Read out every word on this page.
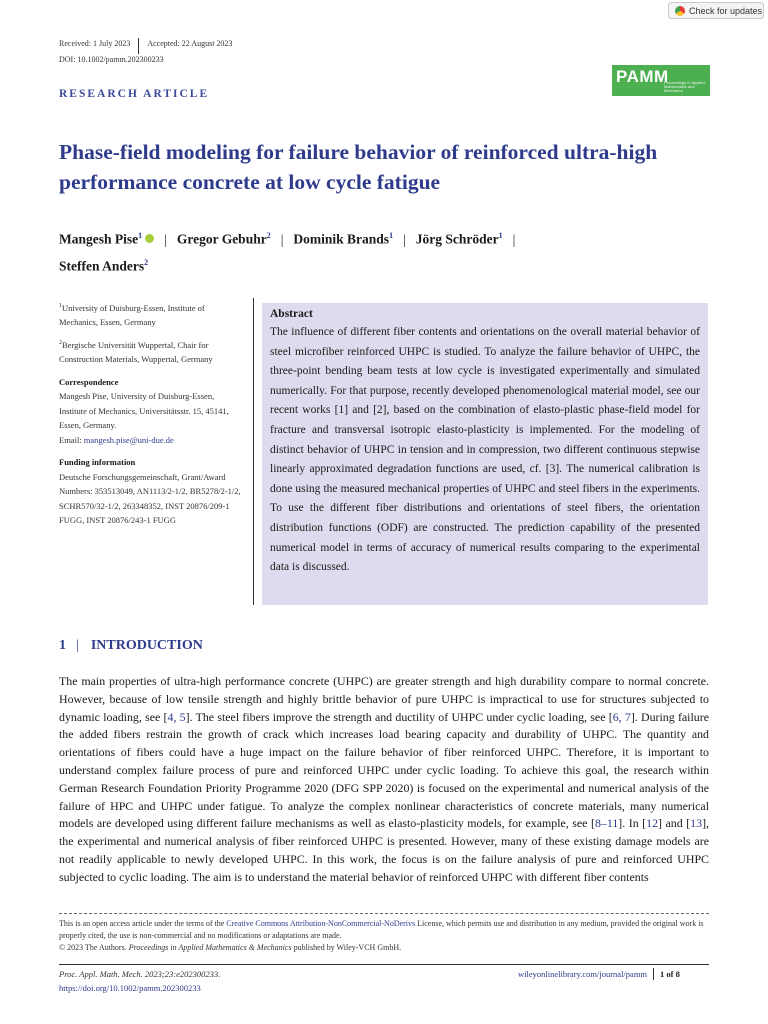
Check for updates
Received: 1 July 2023 Accepted: 22 August 2023
DOI: 10.1002/pamm.202300233
PAMM
Proceedings in Applied Mathematics and Mechanics
RESEARCH ARTICLE
Phase-field modeling for failure behavior of reinforced ultra-high performance concrete at low cycle fatigue
Mangesh Pise$^1$ | Gregor Gebuhr$^2$ | Dominik Brands$^1$ | Jörg Schröder$^1$ |
Steffen Anders$^2$

$^1$University of Duisburg-Essen, Institute of Mechanics, Essen, Germany

$^2$Bergische Universität Wuppertal, Chair for Construction Materials, Wuppertal, Germany

Correspondence

Mangesh Pise, University of Duisburg-Essen, Institute of Mechanics, Universitätsstr. 15, 45141, Essen, Germany.
Email: mangesh.pise@uni-due.de

Funding information

Deutsche Forschungsgemeinschaft, Grant/Award Numbers: 353513049, AN1113/2-1/2, BR5278/2-1/2, SCHR570/32-1/2, 263348352, INST 20876/209-1 FUGG, INST 20876/243-1 FUGG

Abstract

The influence of different fiber contents and orientations on the overall material behavior of steel microfiber reinforced UHPC is studied. To analyze the failure behavior of UHPC, the three-point bending beam tests at low cycle is investigated experimentally and simulated numerically. For that purpose, recently developed phenomenological material model, see our recent works [1] and [2], based on the combination of elasto-plastic phase-field model for fracture and transversal isotropic elasto-plasticity is implemented. For the modeling of distinct behavior of UHPC in tension and in compression, two different continuous stepwise linearly approximated degradation functions are used, cf. [3]. The numerical calibration is done using the measured mechanical properties of UHPC and steel fibers in the experiments. To use the different fiber distributions and orientations of steel fibers, the orientation distribution functions (ODF) are constructed. The prediction capability of the presented numerical model in terms of accuracy of numerical results comparing to the experimental data is discussed.

1 | INTRODUCTION

The main properties of ultra-high performance concrete (UHPC) are greater strength and high durability compare to normal concrete. However, because of low tensile strength and highly brittle behavior of pure UHPC is impractical to use for structures subjected to dynamic loading, see [4, 5]. The steel fibers improve the strength and ductility of UHPC under cyclic loading, see [6, 7]. During failure the added fibers restrain the growth of crack which increases load bearing capacity and durability of UHPC. The quantity and orientations of fibers could have a huge impact on the failure behavior of fiber reinforced UHPC. Therefore, it is important to understand complex failure process of pure and reinforced UHPC under cyclic loading. To achieve this goal, the research within German Research Foundation Priority Programme 2020 (DFG SPP 2020) is focused on the experimental and numerical analysis of the failure of HPC and UHPC under fatigue. To analyze the complex nonlinear characteristics of concrete materials, many numerical models are developed using different failure mechanisms as well as elasto-plasticity models, for example, see [8–11]. In [12] and [13], the experimental and numerical analysis of fiber reinforced UHPC is presented. However, many of these existing damage models are not readily applicable to newly developed UHPC. In this work, the focus is on the failure analysis of pure and reinforced UHPC subjected to cyclic loading. The aim is to understand the material behavior of reinforced UHPC with different fiber contents

This is an open access article under the terms of the Creative Commons Attribution-NonCommercial-NoDerivs License, which permits use and distribution in any medium, provided the original work is properly cited, the use is non-commercial and no modifications or adaptations are made.
© 2023 The Authors. Proceedings in Applied Mathematics & Mechanics published by Wiley-VCH GmbH.
Proc. Appl. Math. Mech. 2023;23:e202300233.
https://doi.org/10.1002/pamm.202300233
wileyonlinelibrary.com/journal/pamm 1 of 8
